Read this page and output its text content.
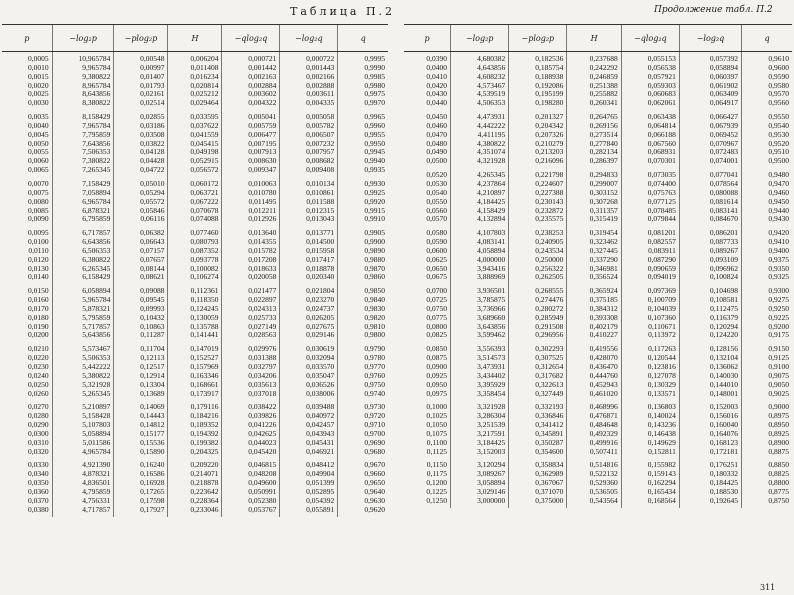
Таблица П.2	Продолжение табл. П.2
p	−log₂p	−plog₂p	H	−qlog₂q	−log₂q	q
0,0005	10,965784	0,00548	0,006204	0,000721	0,000722	0,9995
0,0010	9,965784	0,00997	0,011408	0,001442	0,001443	0,9990
0,0015	9,380822	0,01407	0,016234	0,002163	0,002166	0,9985
0,0020	8,965784	0,01793	0,020814	0,002884	0,002888	0,9980
0,0025	8,643856	0,02161	0,025212	0,003602	0,003611	0,9975
0,0030	8,380822	0,02514	0,029464	0,004322	0,004335	0,9970
0,0035	8,158429	0,02855	0,033595	0,005041	0,005058	0,9965
0,0040	7,965784	0,03186	0,037622	0,005759	0,005782	0,9960
0,0045	7,795859	0,03508	0,041559	0,006477	0,006507	0,9955
0,0050	7,643856	0,03822	0,045415	0,007195	0,007232	0,9950
0,0055	7,506353	0,04128	0,049198	0,007913	0,007957	0,9945
0,0060	7,380822	0,04428	0,052915	0,008630	0,008682	0,9940
0,0065	7,265345	0,04722	0,056572	0,009347	0,009408	0,9935
0,0070	7,158429	0,05010	0,060172	0,010063	0,010134	0,9930
0,0075	7,058894	0,05294	0,063721	0,010780	0,010861	0,9925
0,0080	6,965784	0,05572	0,067222	0,011495	0,011588	0,9920
0,0085	6,878321	0,05846	0,070678	0,012211	0,012315	0,9915
0,0090	6,795859	0,06116	0,074088	0,012926	0,013043	0,9910
0,0095	6,717857	0,06382	0,077460	0,013640	0,013771	0,9905
0,0100	6,643856	0,06643	0,080793	0,014355	0,014500	0,9900
0,0110	6,506353	0,07157	0,087352	0,015782	0,015958	0,9890
0,0120	6,380822	0,07657	0,093778	0,017208	0,017417	0,9880
0,0130	6,265345	0,08144	0,100082	0,018633	0,018878	0,9870
0,0140	6,158429	0,08621	0,106274	0,020058	0,020340	0,9860
0,0150	6,058894	0,09088	0,112361	0,021477	0,021804	0,9850
0,0160	5,965784	0,09545	0,118350	0,022897	0,023270	0,9840
0,0170	5,878321	0,09993	0,124245	0,024313	0,024737	0,9830
0,0180	5,795859	0,10432	0,130059	0,025733	0,026205	0,9820
0,0190	5,717857	0,10863	0,135788	0,027149	0,027675	0,9810
0,0200	5,643856	0,11287	0,141441	0,028563	0,029146	0,9800
0,0210	5,573467	0,11704	0,147019	0,029976	0,030619	0,9790
0,0220	5,506353	0,12113	0,152527	0,031388	0,032094	0,9780
0,0230	5,442222	0,12517	0,157969	0,032797	0,033570	0,9770
0,0240	5,380822	0,12914	0,163346	0,034206	0,035047	0,9760
0,0250	5,321928	0,13304	0,168661	0,035613	0,036526	0,9750
0,0260	5,265345	0,13689	0,173917	0,037018	0,038006	0,9740
0,0270	5,210897	0,14069	0,179116	0,038422	0,039488	0,9730
0,0280	5,158428	0,14443	0,184216	0,039826	0,040972	0,9720
0,0290	5,107803	0,14812	0,189352	0,041226	0,042457	0,9710
0,0300	5,058894	0,15177	0,194392	0,042625	0,043943	0,9700
0,0310	5,011586	0,15536	0,199382	0,044023	0,045431	0,9690
0,0320	4,965784	0,15890	0,204325	0,045420	0,046921	0,9680
0,0330	4,921390	0,16240	0,209220	0,046815	0,048412	0,9670
0,0340	4,878321	0,16586	0,214071	0,048208	0,049904	0,9660
0,0350	4,836501	0,16928	0,218878	0,049600	0,051399	0,9650
0,0360	4,795859	0,17265	0,223642	0,050991	0,052895	0,9640
0,0370	4,756331	0,17598	0,228364	0,052380	0,054392	0,9630
0,0380	4,717857	0,17927	0,233046	0,053767	0,055891	0,9620
p	−log₂p	−plog₂p	H	−qlog₂q	−log₂q	q
0,0390	4,680382	0,182536	0,237688	0,055153	0,057392	0,9610
0,0400	4,643856	0,185754	0,242292	0,056538	0,058894	0,9600
0,0410	4,608232	0,188938	0,246859	0,057921	0,060397	0,9590
0,0420	4,573467	0,192086	0,251388	0,059303	0,061902	0,9580
0,0430	4,539519	0,195199	0,255882	0,060683	0,063409	0,9570
0,0440	4,506353	0,198280	0,260341	0,062061	0,064917	0,9560
0,0450	4,473931	0,201327	0,264765	0,063438	0,066427	0,9550
0,0460	4,442222	0,204342	0,269156	0,064814	0,067939	0,9540
0,0470	4,411195	0,207326	0,273514	0,066188	0,069452	0,9530
0,0480	4,380822	0,210279	0,277840	0,067560	0,070967	0,9520
0,0490	4,351074	0,213203	0,282134	0,068931	0,072483	0,9510
0,0500	4,321928	0,216096	0,286397	0,070301	0,074001	0,9500
0,0520	4,265345	0,221798	0,294833	0,073035	0,077041	0,9480
0,0530	4,237864	0,224607	0,299007	0,074400	0,078564	0,9470
0,0540	4,210897	0,227388	0,303152	0,075763	0,080088	0,9460
0,0550	4,184425	0,230143	0,307268	0,077125	0,081614	0,9450
0,0560	4,158429	0,232872	0,311357	0,078485	0,083141	0,9440
0,0570	4,132894	0,235575	0,315419	0,079844	0,084670	0,9430
0,0580	4,107803	0,238253	0,319454	0,081201	0,086201	0,9420
0,0590	4,083141	0,240905	0,323462	0,082557	0,087733	0,9410
0,0600	4,058894	0,243534	0,327445	0,083911	0,089267	0,9400
0,0625	4,000000	0,250000	0,337290	0,087290	0,093109	0,9375
0,0650	3,943416	0,256322	0,346981	0,090659	0,096962	0,9350
0,0675	3,888969	0,262505	0,356524	0,094019	0,100824	0,9325
0,0700	3,936501	0,268555	0,365924	0,097369	0,104698	0,9300
0,0725	3,785875	0,274476	0,375185	0,100709	0,108581	0,9275
0,0750	3,736966	0,280272	0,384312	0,104039	0,112475	0,9250
0,0775	3,689660	0,285949	0,393308	0,107360	0,116379	0,9225
0,0800	3,643856	0,291508	0,402179	0,110671	0,120294	0,9200
0,0825	3,599462	0,296956	0,410227	0,113972	0,124220	0,9175
0,0850	3,556393	0,302293	0,419556	0,117263	0,128156	0,9150
0,0875	3,514573	0,307525	0,428070	0,120544	0,132104	0,9125
0,0900	3,473931	0,312654	0,436470	0,123816	0,136062	0,9100
0,0925	3,434402	0,317682	0,444760	0,127078	0,140030	0,9075
0,0950	3,395929	0,322613	0,452943	0,130329	0,144010	0,9050
0,0975	3,358454	0,327449	0,461020	0,133571	0,148001	0,9025
0,1000	3,321928	0,332193	0,468996	0,136803	0,152003	0,9000
0,1025	3,286304	0,336846	0,476871	0,140024	0,156016	0,8975
0,1050	3,251539	0,341412	0,484648	0,143236	0,160040	0,8950
0,1075	3,217591	0,345891	0,492329	0,146438	0,164076	0,8925
0,1100	3,184425	0,350287	0,499916	0,149629	0,168123	0,8900
0,1125	3,152003	0,354600	0,507411	0,152811	0,172181	0,8875
0,1150	3,120294	0,358834	0,514816	0,155982	0,176251	0,8850
0,1175	3,089267	0,362989	0,522132	0,159143	0,180332	0,8825
0,1200	3,058894	0,367067	0,529360	0,162294	0,184425	0,8800
0,1225	3,029146	0,371070	0,536505	0,165434	0,188530	0,8775
0,1250	3,000000	0,375000	0,543564	0,168564	0,192645	0,8750
311
